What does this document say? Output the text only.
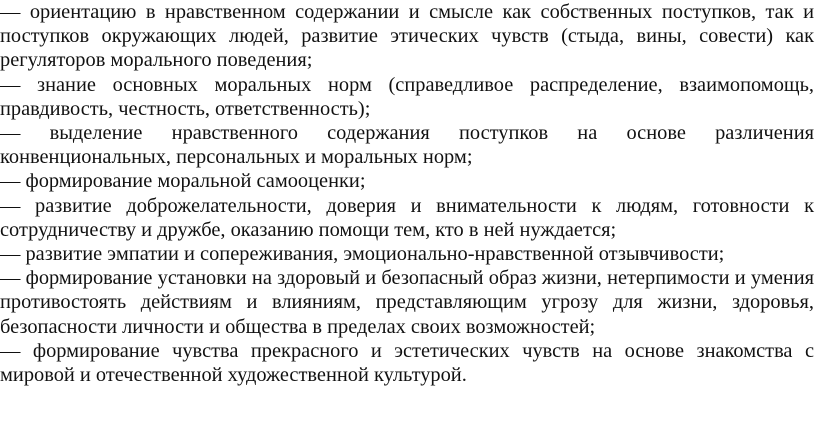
— ориентацию в нравственном содержании и смысле как собственных поступков, так и поступков окружающих людей, развитие этических чувств (стыда, вины, совести) как регуляторов морального поведения;

— знание основных моральных норм (справедливое распределение, взаимопомощь, правдивость, честность, ответственность);

— выделение нравственного содержания поступков на основе различения конвенциональных, персональных и моральных норм;

— формирование моральной самооценки;

— развитие доброжелательности, доверия и внимательности к людям, готовности к сотрудничеству и дружбе, оказанию помощи тем, кто в ней нуждается;

— развитие эмпатии и сопереживания, эмоционально-нравственной отзывчивости;

— формирование установки на здоровый и безопасный образ жизни, нетерпимости и умения противостоять действиям и влияниям, представляющим угрозу для жизни, здоровья, безопасности личности и общества в пределах своих возможностей;

— формирование чувства прекрасного и эстетических чувств на основе знакомства с мировой и отечественной художественной культурой.
